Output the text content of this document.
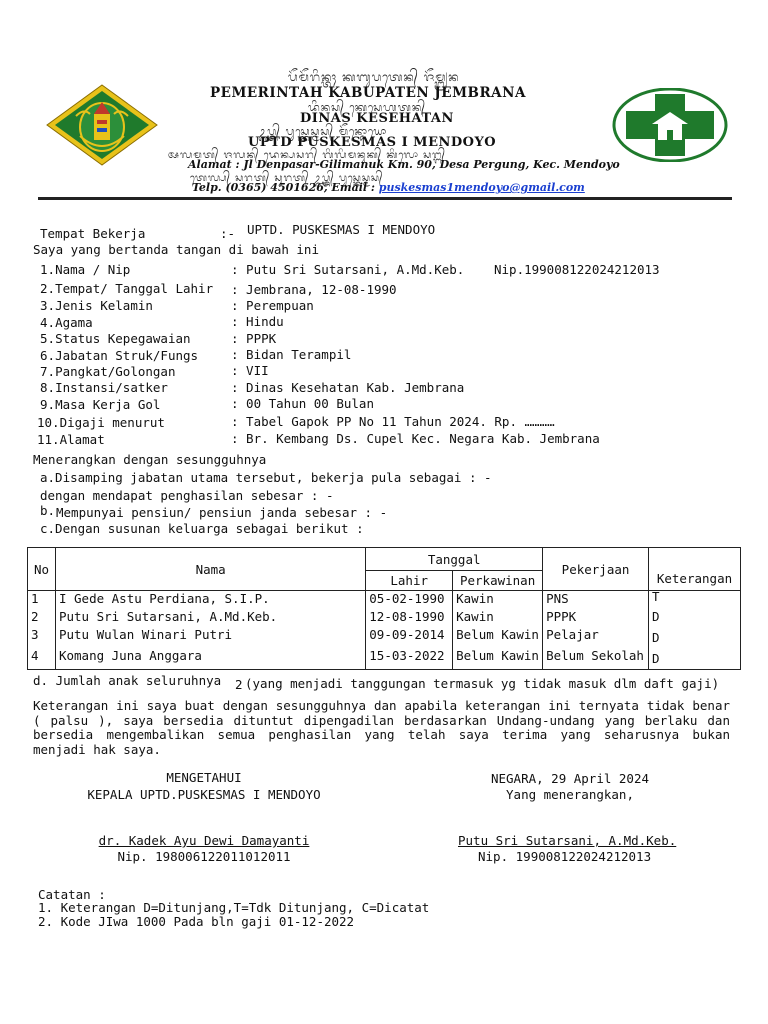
ᬧᭂᬫᭂᬭᬶᬦ᭄ᬢᬄ ᬓᬩᬸᬧᬢᬾᬦ᭄ ᬚᭂᬫ᭄ᬩ᭄ᬭᬦ
PEMERINTAH KABUPATEN JEMBRANA
ᬤᬶᬦᬲ᭄ ᬓᬾᬲᬾᬳᬢᬦ᭄
DINAS KESEHATAN
ᬉᬧ᭄ᬢ᭄ᬤ᭄ ᬧᬸᬲ᭄ᬓᬾᬲ᭄ᬫᬲ᭄ ᬫᭂᬦ᭄ᬤᭀᬬᭀ
UPTD PUSKESMAS I MENDOYO
ᬅᬮᬫᬢ᭄ ᬚᬮᬦ᭄ ᬤᬾᬦ᭄ᬧᬲᬭ᭄ ᬕᬶᬮᬶᬫᬦᬸᬓ᭄ ᬓᬶᬮᭀ ᬲᬗ᭄ᬗ᭄
Alamat : Jl Denpasar-Gilimanuk Km. 90, Desa Pergung, Kec. Mendoyo
ᬢᬾᬮ᭄ᬧ᭄ ᬲᬭᬢ᭄ ᬲᬸᬭᬢ᭄ ᬉᬧ᭄ᬢ᭄ᬤ᭄ ᬧᬸᬲ᭄ᬓᬾᬲ᭄ᬫᬲ᭄
Telp. (0365) 4501626, Email : puskesmas1mendoyo@gmail.com
Tempat Bekerja	:- UPTD. PUSKESMAS I MENDOYO
Saya yang bertanda tangan di bawah ini
1.Nama / Nip	: Putu Sri Sutarsani, A.Md.Keb. Nip.199008122024212013
2.Tempat/ Tanggal Lahir : Jembrana, 12-08-1990
3.Jenis Kelamin	: Perempuan
4.Agama	: Hindu
5.Status Kepegawaian	: PPPK
6.Jabatan Struk/Fungs	: Bidan Terampil
7.Pangkat/Golongan	: VII
8.Instansi/satker	: Dinas Kesehatan Kab. Jembrana
9.Masa Kerja Gol	: 00 Tahun 00 Bulan
10.Digaji menurut	: Tabel Gapok PP No 11 Tahun 2024. Rp. …………
11.Alamat	: Br. Kembang Ds. Cupel Kec. Negara Kab. Jembrana
Menerangkan dengan sesungguhnya
a.Disamping jabatan utama tersebut, bekerja pula sebagai : -
dengan mendapat penghasilan sebesar : -
b. Mempunyai pensiun/ pensiun janda sebesar : -
c.Dengan susunan keluarga sebagai berikut :
No	Nama	Tanggal		Pekerjaan	Keterangan
		Lahir	Perkawinan		
1	I Gede Astu Perdiana, S.I.P.	05-02-1990	Kawin	PNS	T
2	Putu Sri Sutarsani, A.Md.Keb.	12-08-1990	Kawin	PPPK	D
3	Putu Wulan Winari Putri	09-09-2014	Belum Kawin	Pelajar	D
4	Komang Juna Anggara	15-03-2022	Belum Kawin	Belum Sekolah	D
d. Jumlah anak seluruhnya 2 (yang menjadi tanggungan termasuk yg tidak masuk dlm daft gaji)
Keterangan ini saya buat dengan sesungguhnya dan apabila keterangan ini ternyata tidak benar ( palsu ), saya bersedia dituntut dipengadilan berdasarkan Undang-undang yang berlaku dan bersedia mengembalikan semua penghasilan yang telah saya terima yang seharusnya bukan menjadi hak saya.
MENGETAHUI
KEPALA UPTD.PUSKESMAS I MENDOYO
dr. Kadek Ayu Dewi Damayanti
Nip. 198006122011012011
NEGARA, 29 April 2024
Yang menerangkan,
Putu Sri Sutarsani, A.Md.Keb.
Nip. 199008122024212013
Catatan :
1. Keterangan D=Ditunjang,T=Tdk Ditunjang, C=Dicatat
2. Kode JIwa 1000 Pada bln gaji 01-12-2022
